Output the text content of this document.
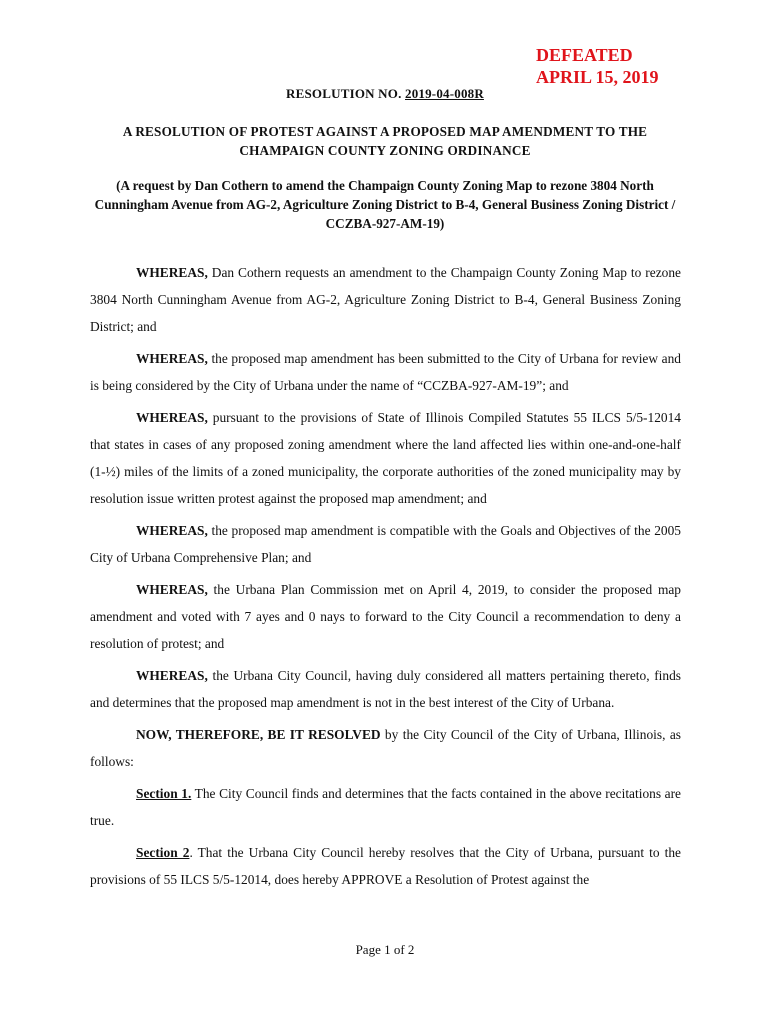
DEFEATED
APRIL 15, 2019
RESOLUTION NO. 2019-04-008R
A RESOLUTION OF PROTEST AGAINST A PROPOSED MAP AMENDMENT TO THE CHAMPAIGN COUNTY ZONING ORDINANCE
(A request by Dan Cothern to amend the Champaign County Zoning Map to rezone 3804 North Cunningham Avenue from AG-2, Agriculture Zoning District to B-4, General Business Zoning District / CCZBA-927-AM-19)

WHEREAS, Dan Cothern requests an amendment to the Champaign County Zoning Map to rezone 3804 North Cunningham Avenue from AG-2, Agriculture Zoning District to B-4, General Business Zoning District; and

WHEREAS, the proposed map amendment has been submitted to the City of Urbana for review and is being considered by the City of Urbana under the name of “CCZBA-927-AM-19”; and

WHEREAS, pursuant to the provisions of State of Illinois Compiled Statutes 55 ILCS 5/5-12014 that states in cases of any proposed zoning amendment where the land affected lies within one-and-one-half (1-½) miles of the limits of a zoned municipality, the corporate authorities of the zoned municipality may by resolution issue written protest against the proposed map amendment; and

WHEREAS, the proposed map amendment is compatible with the Goals and Objectives of the 2005 City of Urbana Comprehensive Plan; and

WHEREAS, the Urbana Plan Commission met on April 4, 2019, to consider the proposed map amendment and voted with 7 ayes and 0 nays to forward to the City Council a recommendation to deny a resolution of protest; and

WHEREAS, the Urbana City Council, having duly considered all matters pertaining thereto, finds and determines that the proposed map amendment is not in the best interest of the City of Urbana.

NOW, THEREFORE, BE IT RESOLVED by the City Council of the City of Urbana, Illinois, as follows:

Section 1. The City Council finds and determines that the facts contained in the above recitations are true.

Section 2. That the Urbana City Council hereby resolves that the City of Urbana, pursuant to the provisions of 55 ILCS 5/5-12014, does hereby APPROVE a Resolution of Protest against the

Page 1 of 2
